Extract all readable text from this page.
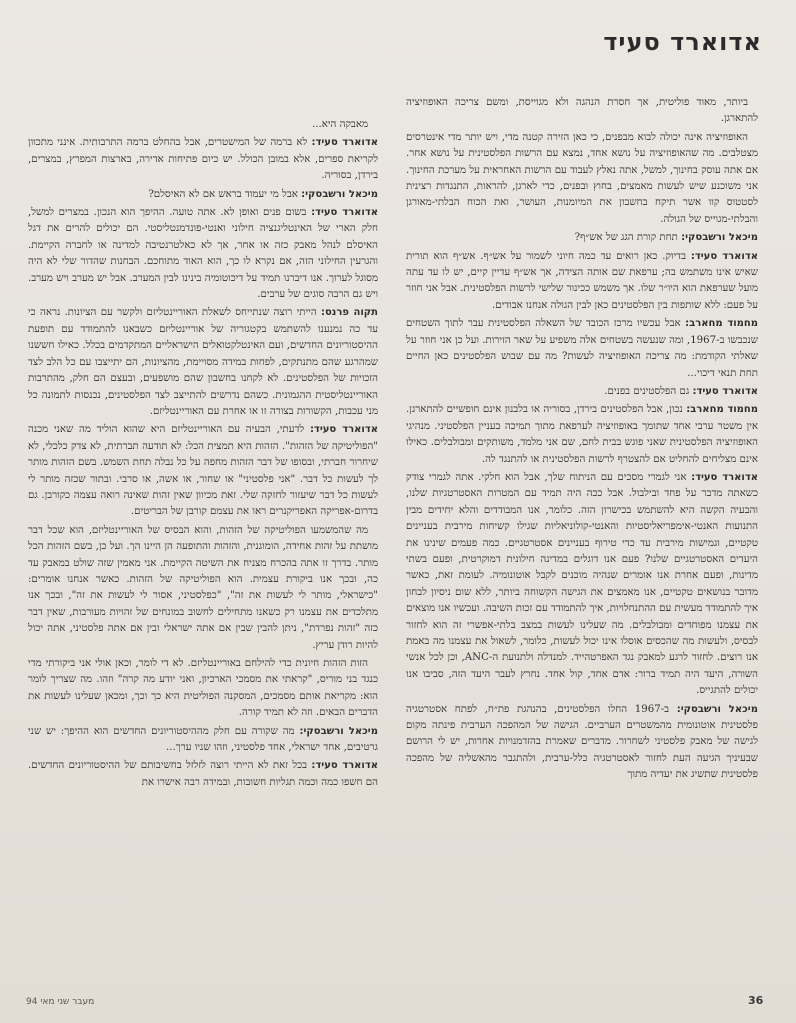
אדוארד סעיד

ביותר, מאוד פוליטית, אך חסרת הנהגה ולא מגוייסת, ומשם צריכה האופוזיציה להתארגן.

האופוזיציה אינה יכולה לבוא מבפנים, כי כאן הזירה קטנה מדי, ויש יותר מדי אינטרסים מצטלבים. מה שהאופוזיציה על נושא אחד, נמצא עם הרשות הפלסטינית על נושא אחר. אם אתה עוסק בחינוך, למשל, אתה נאלץ לעבוד עם הרשות האחראית על מערכת החינוך. אני משוכנע שיש לעשות מאמצים, בחוץ ובפנים, כדי לארגן, להראות, התנגדות רצינית לסטטוס קוו אשר תיקח בחשבון את המיומנות, העושר, ואת הכוח הבלתי-מאורגן והבלתי-מגוייס של הגולה.

מיכאל ורשבסקי: תחת קורת הגג של אש״ף?

אדוארד סעיד: בדיוק. כאן רואים עד כמה חיוני לשמור על אש״ף. אש״ף הוא תורית שאיש אינו משתמש בה; ערפאת שם אותה הצידה, אך אש״ף עדיין קיים, יש לו עד עתה מועל שערפאת הוא היו״ר שלו. אך משמש ככינור שלישי לרשות הפלסטינית. אבל אני חוזר על פעם: ללא שותפות בין הפלסטינים כאן לבין הגולה אנחנו אבודים.

מחמוד מחארב: אבל עכשיו מרכז הכובד של השאלה הפלסטינית עבר לתוך השטחים שנכבשו ב-1967, ומה שנעשה בשטחים אלה משפיע על שאר הזירות. ועל כן אני חוזר על שאלתי הקודמת: מה צריכה האופוזיציה לעשות? מה עם שבוש הפלסטינים כאן החיים תחת תנאי דיכוי...

אדוארד סעיד: גם הפלסטינים בפנים.

מחמוד מחארב: נכון, אבל הפלסטינים בירדן, בסוריה או בלבנון אינם חופשיים להתארגן. אין משטר ערבי אחד שתומך באופוזיציה לערפאת מתוך תמיכה בעניין הפלסטיני. מנהיגי האופוזיציה הפלסטינית שאני פוגש בבית לחם, שם אני מלמד, משותקים ומבולבלים. כאילו אינם מצליחים להחליט אם להצטרף לרשות הפלסטינית או להתנגד לה.

אדוארד סעיד: אני לגמרי מסכים עם הניתוח שלך, אבל הוא חלקי. אתה לגמרי צודק כשאתה מדבר על פחד ובילבול. אבל ככה היה תמיד עם המטרות האסטרטגיות שלנו, והבעיה הקשה היא להשתמש בכישרון הזה. כלומר, אנו המבודדים והלא יחידים מבין התנועות האנטי-אימפריאליסטיות והאנטי-קולוניאליות שגילו קשיחות מירבית בעניינים טקטיים, וגמישות מירבית עד כדי טירוף בעניינים אסטרטגיים. כמה פעמים שינינו את היעדים האסטרטגיים שלנו? פעם אנו דוגלים במדינה חילונית דמוקרטית, ופעם בשתי מדינות, ופעם אחרת אנו אומרים שנהיה מוכנים לקבל אוטונומיה. לעומת זאת, כאשר מדובר בנושאים טקטיים, אנו מאמצים את הגישה הקשוחה ביותר, ללא שום ניסיון לבחון איך להתמודד מעשית עם ההתנחלויות, איך להתמודד עם זכות השיבה. ועכשיו אנו מוצאים את עצמנו מפוחדים ומבולבלים. מה שעלינו לעשות במצב בלתי-אפשרי זה הוא לחזור לבסיס, ולעשות מה שהכסים אוסלו אינו יכול לעשות, כלומר, לשאול את עצמנו מה באמת אנו רוצים. לחזור לרגע למאבק נגד האפרטהייד. למנדלה ולתנועת ה-ANC, וכן לכל אנשי השורה, היעד היה תמיד ברור: אדם אחד, קול אחד. נחרץ לעבר היעד הזה, סביבו אנו יכולים להתגייס.

מיכאל ורשבסקי: ב-1967 החלו הפלסטינים, בהנהגת פת״ח, לפתח אסטרטגיה פלסטינית אוטונומית מהמשטרים הערביים. הגישה של המהפכה הערבית פינתה מקום לגישה של מאבק פלסטיני לשחרור. מדברים שאמרת בהזדמנויות אחרות, יש לי הרושם שבעיניך הגיעה העת לחזור לאסטרטגיה כלל-ערבית, ולהתגבר מהאשליה של מהפכה פלסטינית שתשיג את יעדיה מתוך

מאבקה היא...

אדוארד סעיד: לא ברמה של המישטרים, אבל בהחלט ברמה התרבותית. אינני מתכוון לקריאת ספרים, אלא במובן הכולל. יש כיום פתיחות אדירה, בארצות המפרץ, במצרים, בירדן, בסוריה.

מיכאל ורשבסקי: אבל מי יעמוד בראש אם לא האיסלם?

אדוארד סעיד: בשום פנים ואופן לא. אתה טועה. ההיפך הוא הנכון. במצרים למשל, חלק הארי של האינטליגנציה חילוני ואנטי-פונדמנטליסטי. הם יכולים להרים את דגל האיסלם לנהל מאבק כזה או אחר, אך לא כאלטרנטיבה למדינה או לחברה הקיימת. והגרעין החילוני הזה, אם נקרא לו כך, הוא האוד מתוחכם. הבחנות שהדור שלי לא היה מסוגל לערוך. אנו דיברנו תמיד על דיכוטומיה בינינו לבין המערב. אבל יש מערב ויש מערב. ויש גם הרבה סוגים של ערבים.

תקוה פרנס: הייתי רוצה שנתייחס לשאלת האוריינטליזם ולקשר עם הציונות. נראה כי עד כה נמנענו להשתמש בקטגוריה של אוריינטליזם כשבאנו להתמודד עם תופעת ההיסטוריונים החדשים, ועם האינטלקטואלים הישראליים המתקדמים בכלל. כאילו חששנו שמהרגע שהם מתנתקים, לפחות במידה מסויימת, מהציונות, הם יתייצבו עם כל הלב לצד הזכויות של הפלסטינים. לא לקחנו בחשבון שהם מושפעים, ובעצם הם חלק, מהתרבות האוריינטליסטית ההגמונית. כשהם נדרשים להתייצב לצד הפלסטינים, נכנסות לתמונה כל מני עכבות, הקשורות בצורה זו או אחרת עם האוריינטליזם.

אדוארד סעיד: לדעתי, הבעיה עם האוריינטליזם היא שהוא הוליד מה שאני מכנה "הפוליטיקה של הזהות". הזהות היא תמצית הכל: לא תודעה תברתית, לא צדק כלכלי, לא שיחרור חברתי, ובסופו של דבר הזהות מחפה על כל נבלה תחת השמש. בשם הזהות מותר לך לעשות כל דבר. "אני פלסטיני" או שחור, או אשה, או סרבי. ובתור שכזה מותר לי לעשות כל דבר שיעזור לחזקה שלי. זאת מכיוון שאין זהות שאינה רואה עצמה כקורבן. גם בדרום-אפריקה האפריקנרים ראו את עצמם קורבן של הבריטים.

מה שהמשמעו הפוליטיקה של הזהות, והוא הבסיס של האוריינטליזם, הוא שכל דבר מושתת על זהות אחידה, הומוגנית, והזהות והתופעה הן היינו הך. ועל כן, בשם הזהות הכל מותר. בדרך זו אתה בהכרח מצניח את השיטה הקיימת. אני מאמין שזה שולט במאבק עד כה, ובכך אנו ביקורת עצמית. הוא הפוליטיקה של הזהות. כאשר אנחנו אומרים: "כישראלי, מותר לי לעשות את זה", "כפלסטיני, אסור לי לעשות את זה", ובכך אנו מתלכדים את עצמנו רק כשאנו מתחילים לחשוב במונחים של זהויות מעורבות, שאין דבר כזה "זהות נפרדת", ניתן להבין שבין אם אתה ישראלי ובין אם אתה פלסטיני, אתה יכול להיות רודן עריץ.

הזות הזהות חיונית כדי להילחם באוריינטליזם. לא די לומר, וכאן אולי אני ביקורתי מדי כנגד בני מוריס, "קראתי את מסמכי הארכיון, ואני יודע מה קרה" וזהו. מה שצריך לומר הוא: מקריאת אותם מסמכים, המסקנה הפוליטית היא כך וכך, ומכאן שעלינו לעשות את הדברים הבאים. וזה לא תמיד קורה.

מיכאל ורשבסקי: מה שקורה עם חלק מההיסטוריונים החדשים הוא ההיפך: יש שני גרטיבים, אחד ישראלי, אחד פלסטיני, וזהו שניו ערך...

אדוארד סעיד: בכל זאת לא הייתי רוצה לזלזל בחשיבותם של ההיסטוריונים החדשים. הם חשפו כמה וכמה תגליות חשובות, ובמידה רבה אישרו את

36
מעבר שני מאי 94
